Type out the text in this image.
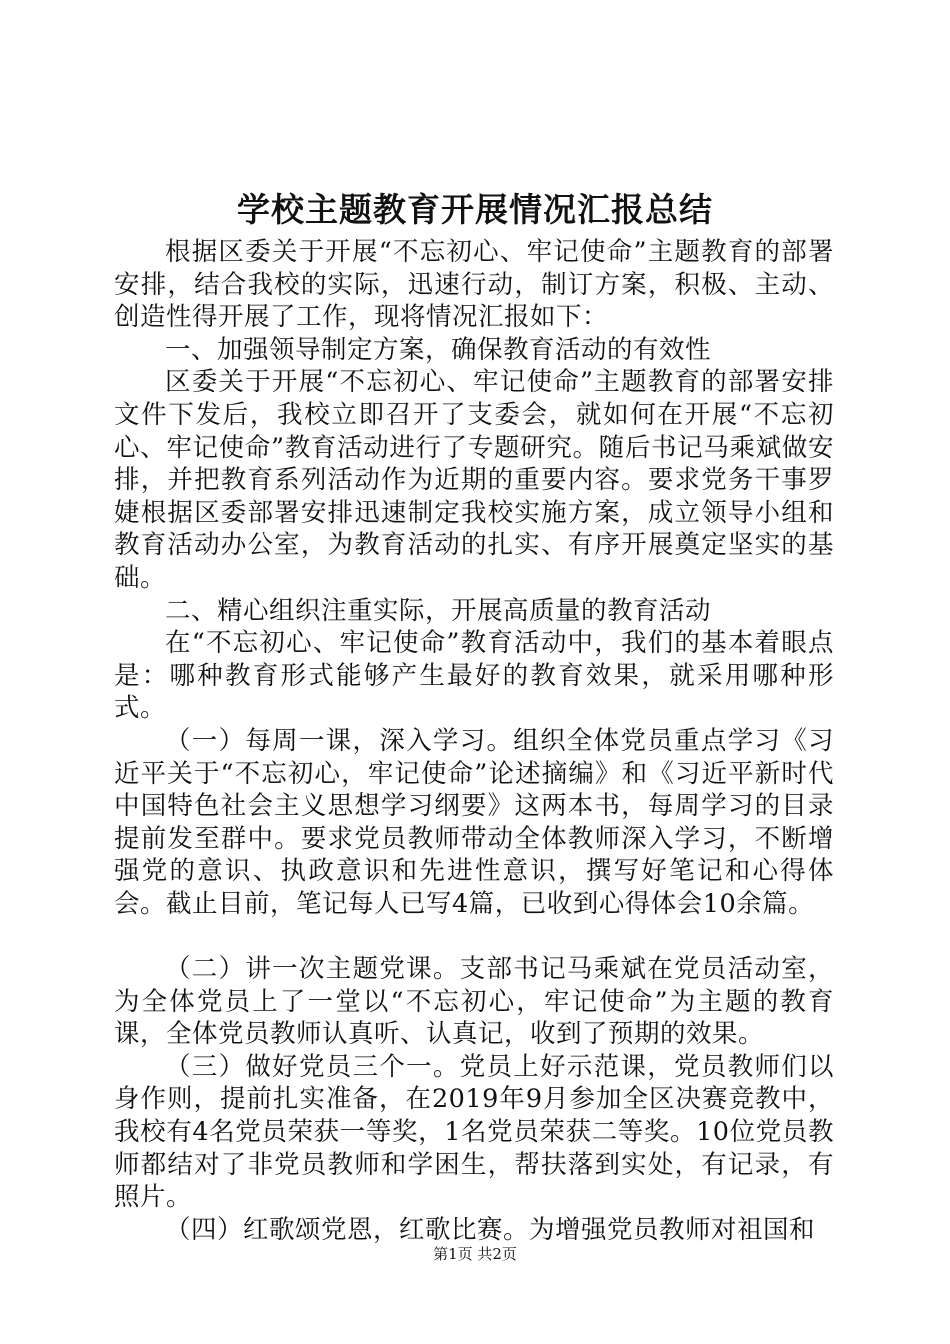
学校主题教育开展情况汇报总结

根据区委关于开展“不忘初心、牢记使命”主题教育的部署安排，结合我校的实际，迅速行动，制订方案，积极、主动、创造性得开展了工作，现将情况汇报如下：

一、加强领导制定方案，确保教育活动的有效性

区委关于开展“不忘初心、牢记使命”主题教育的部署安排文件下发后，我校立即召开了支委会，就如何在开展“不忘初心、牢记使命”教育活动进行了专题研究。随后书记马乘斌做安排，并把教育系列活动作为近期的重要内容。要求党务干事罗婕根据区委部署安排迅速制定我校实施方案，成立领导小组和教育活动办公室，为教育活动的扎实、有序开展奠定坚实的基础。

二、精心组织注重实际，开展高质量的教育活动

在“不忘初心、牢记使命”教育活动中，我们的基本着眼点是：哪种教育形式能够产生最好的教育效果，就采用哪种形式。

（一）每周一课，深入学习。组织全体党员重点学习《习近平关于“不忘初心，牢记使命”论述摘编》和《习近平新时代中国特色社会主义思想学习纲要》这两本书，每周学习的目录提前发至群中。要求党员教师带动全体教师深入学习，不断增强党的意识、执政意识和先进性意识，撰写好笔记和心得体会。截止目前，笔记每人已写4篇，已收到心得体会10余篇。

（二）讲一次主题党课。支部书记马乘斌在党员活动室，为全体党员上了一堂以“不忘初心，牢记使命”为主题的教育课，全体党员教师认真听、认真记，收到了预期的效果。

（三）做好党员三个一。党员上好示范课，党员教师们以身作则，提前扎实准备，在2019年9月参加全区决赛竞教中，我校有4名党员荣获一等奖，1名党员荣获二等奖。10位党员教师都结对了非党员教师和学困生，帮扶落到实处，有记录，有照片。

（四）红歌颂党恩，红歌比赛。为增强党员教师对祖国和

第1页 共2页
